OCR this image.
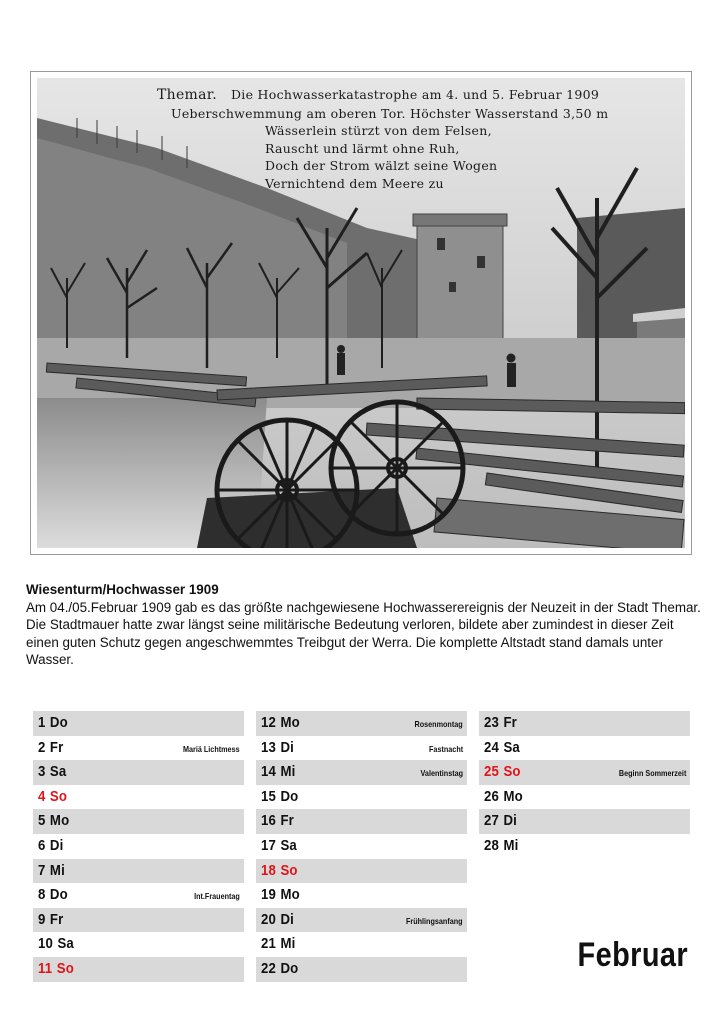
Themar. Die Hochwasserkatastrophe am 4. und 5. Februar 1909
Ueberschwemmung am oberen Tor. Höchster Wasserstand 3,50 m
Wässerlein stürzt von dem Felsen,
Rauscht und lärmt ohne Ruh,
Doch der Strom wälzt seine Wogen
Vernichtend dem Meere zu
Wiesenturm/Hochwasser 1909
Am 04./05.Februar 1909 gab es das größte nachgewiesene Hochwasserereignis der Neuzeit in der Stadt Themar. Die Stadtmauer hatte zwar längst seine militärische Bedeutung verloren, bildete aber zumindest in dieser Zeit einen guten Schutz gegen angeschwemmtes Treibgut der Werra. Die komplette Altstadt stand damals unter Wasser.
1 Do
2 Fr	Mariä Lichtmess
3 Sa
4 So
5 Mo
6 Di
7 Mi
8 Do	Int.Frauentag
9 Fr
10 Sa
11 So
12 Mo	Rosenmontag
13 Di	Fastnacht
14 Mi	Valentinstag
15 Do
16 Fr
17 Sa
18 So
19 Mo
20 Di	Frühlingsanfang
21 Mi
22 Do
23 Fr
24 Sa
25 So	Beginn Sommerzeit
26 Mo
27 Di
28 Mi
Februar
